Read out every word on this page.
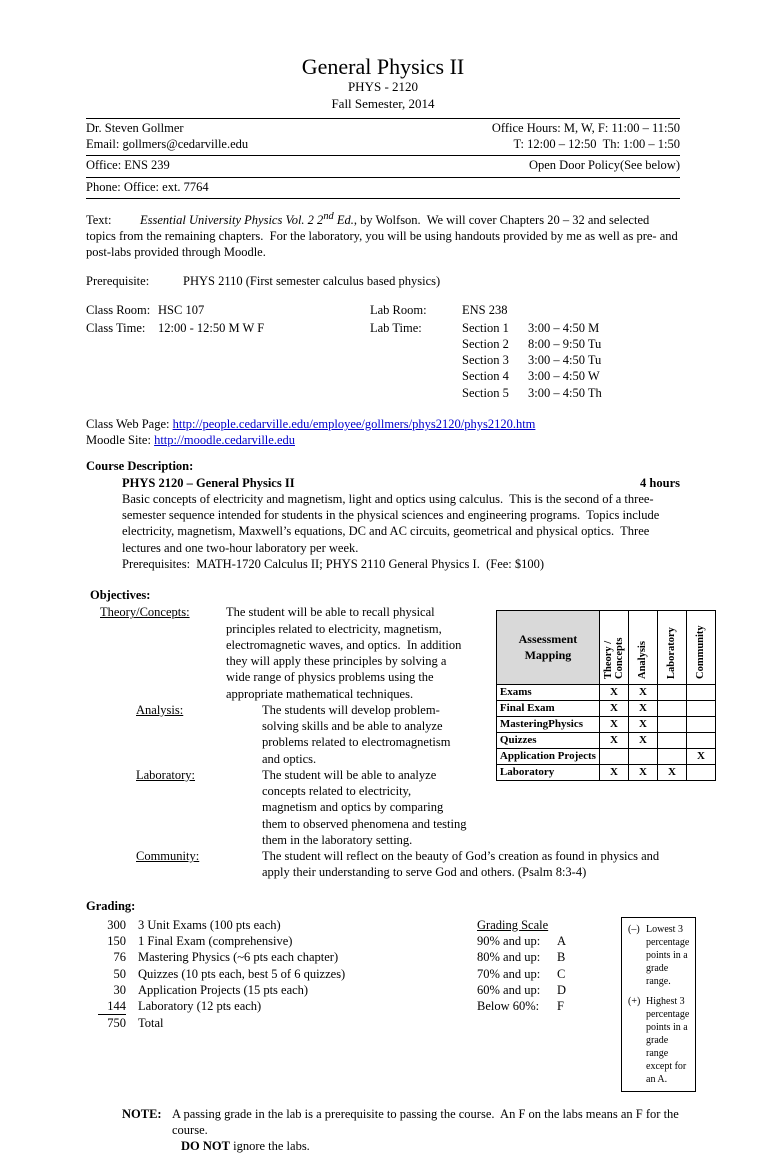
General Physics II
PHYS - 2120
Fall Semester, 2014
Dr. Steven Gollmer	Office Hours: M, W, F: 11:00 – 11:50
Email: gollmers@cedarville.edu	T: 12:00 – 12:50  Th: 1:00 – 1:50
Office: ENS 239	Open Door Policy(See below)
Phone: Office: ext. 7764

Text: Essential University Physics Vol. 2 2nd Ed., by Wolfson.  We will cover Chapters 20 – 32 and selected topics from the remaining chapters.  For the laboratory, you will be using handouts provided by me as well as pre- and post-labs provided through Moodle.

Prerequisite:	PHYS 2110 (First semester calculus based physics)
Class Room: HSC 107	Lab Room:	ENS 238
Class Time:	12:00 - 12:50 M W F	Lab Time:	Section 1	3:00 – 4:50 M
Section 2	8:00 – 9:50 Tu
Section 3	3:00 – 4:50 Tu
Section 4	3:00 – 4:50 W
Section 5	3:00 – 4:50 Th
Class Web Page: http://people.cedarville.edu/employee/gollmers/phys2120/phys2120.htm
Moodle Site: http://moodle.cedarville.edu
Course Description:
PHYS 2120 – General Physics II	4 hours
Basic concepts of electricity and magnetism, light and optics using calculus.  This is the second of a three-semester sequence intended for students in the physical sciences and engineering programs.  Topics include electricity, magnetism, Maxwell’s equations, DC and AC circuits, geometrical and physical optics.  Three lectures and one two-hour laboratory per week.
Prerequisites:  MATH-1720 Calculus II; PHYS 2110 General Physics I.  (Fee: $100)
Objectives:
Assessment Mapping	Theory / Concepts	Analysis	Laboratory	Community
Exams	X	X		
Final Exam	X	X		
MasteringPhysics	X	X		
Quizzes	X	X		
Application Projects				X
Laboratory	X	X	X	
Theory/Concepts:	The student will be able to recall physical principles related to electricity, magnetism, electromagnetic waves, and optics.  In addition they will apply these principles by solving a wide range of physics problems using the appropriate mathematical techniques.
Analysis:	The students will develop problem-solving skills and be able to analyze problems related to electromagnetism and optics.
Laboratory:	The student will be able to analyze concepts related to electricity, magnetism and optics by comparing them to observed phenomena and testing them in the laboratory setting.
Community:	The student will reflect on the beauty of God’s creation as found in physics and apply their understanding to serve God and others. (Psalm 8:3-4)
Grading:
300 3 Unit Exams (100 pts each)
150 1 Final Exam (comprehensive)
76 Mastering Physics (~6 pts each chapter)
50 Quizzes (10 pts each, best 5 of 6 quizzes)
30 Application Projects (15 pts each)
144 Laboratory (12 pts each)
750 Total
Grading Scale
90% and up:	A
80% and up:	B
70% and up:	C
60% and up:	D
Below 60%:	F
(–) Lowest 3 percentage points in a grade range.
(+) Highest 3 percentage points in a grade range except for an A.
NOTE: A passing grade in the lab is a prerequisite to passing the course.  An F on the labs means an F for the course.
DO NOT ignore the labs.
